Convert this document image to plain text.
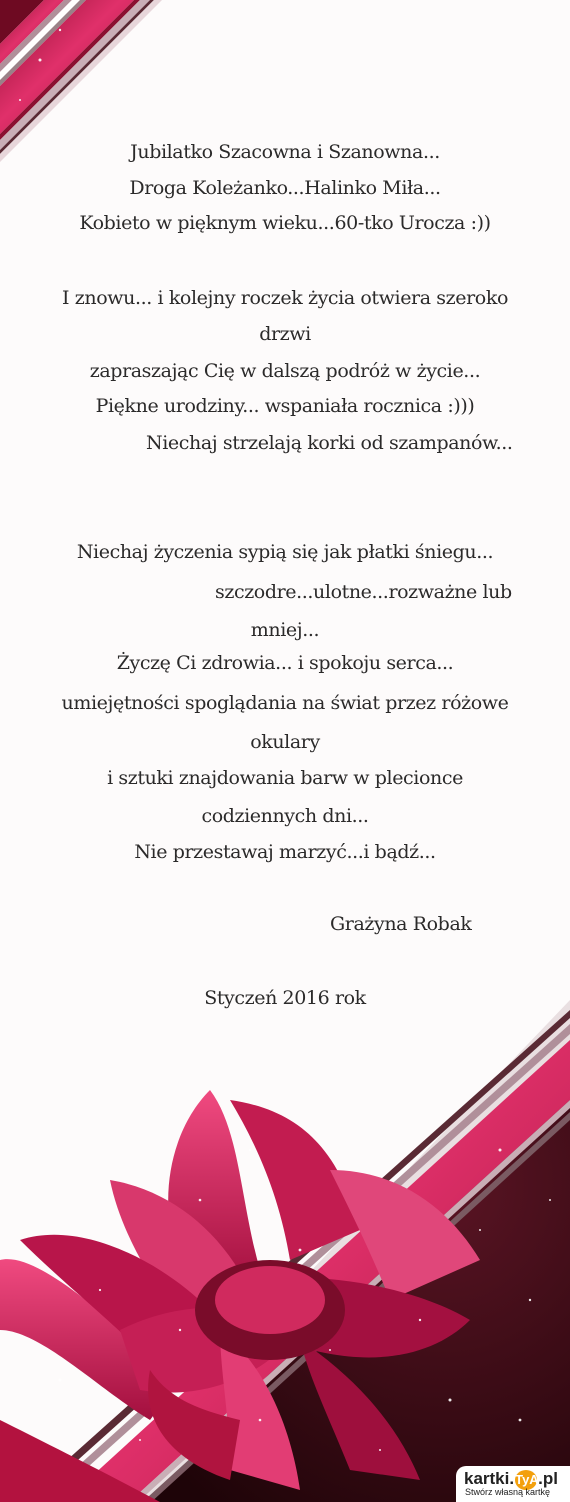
Jubilatko Szacowna i Szanowna...
Droga Koleżanko...Halinko Miła...
Kobieto w pięknym wieku...60-tko Urocza :))
I znowu... i kolejny roczek życia otwiera szeroko
drzwi
zapraszając Cię w dalszą podróż w życie...
Piękne urodziny... wspaniała rocznica :)))
Niechaj strzelają korki od szampanów...
Niechaj życzenia sypią się jak płatki śniegu...
szczodre...ulotne...rozważne lub
mniej...
Życzę Ci zdrowia... i spokoju serca...
umiejętności spoglądania na świat przez różowe
okulary
i sztuki znajdowania barw w plecionce
codziennych dni...
Nie przestawaj marzyć...i bądź...
Grażyna Robak
Styczeń 2016 rok
kartki.TyA.pl
Stwórz własną kartkę
